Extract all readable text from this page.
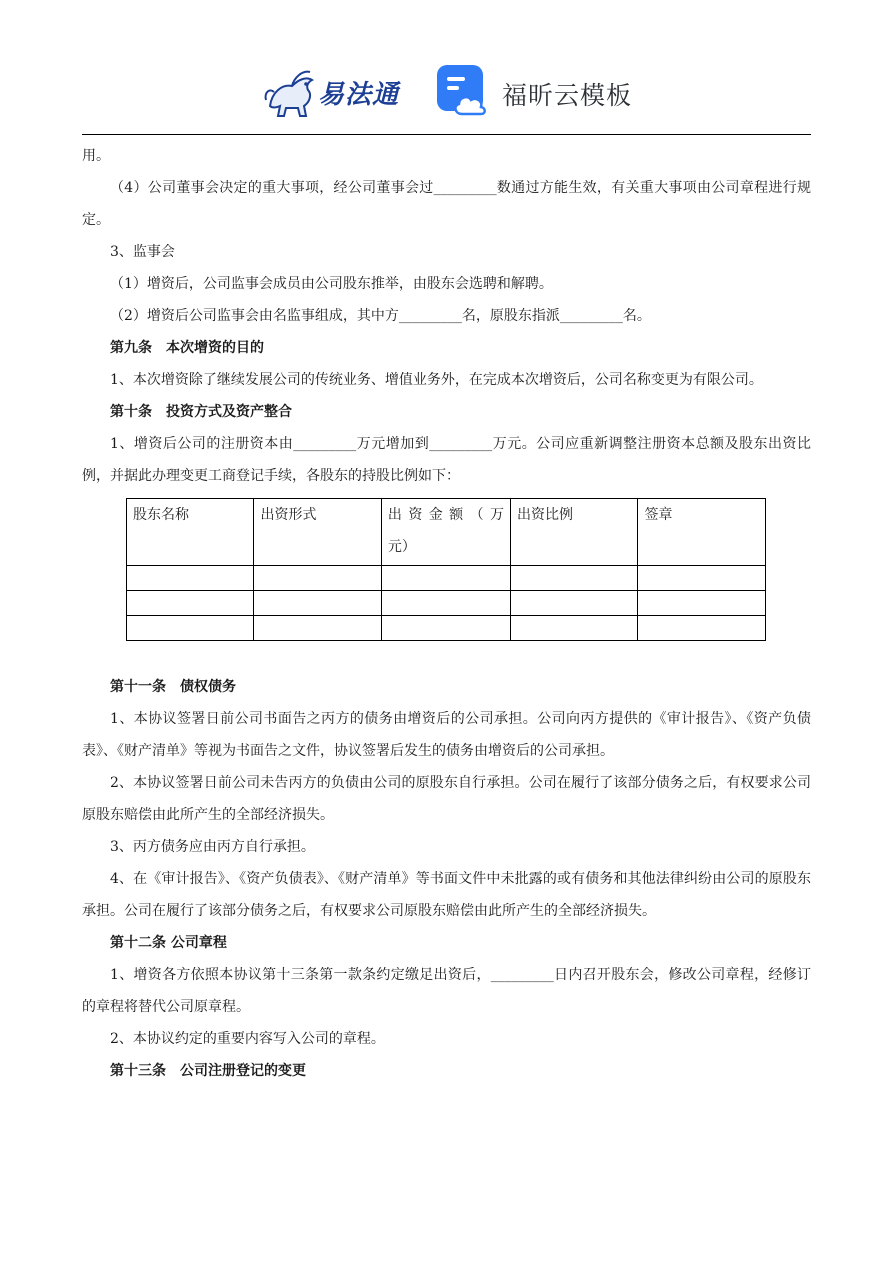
易法通	福昕云模板

用。

（4）公司董事会决定的重大事项，经公司董事会过_________数通过方能生效，有关重大事项由公司章程进行规定。

3、监事会

（1）增资后，公司监事会成员由公司股东推举，由股东会选聘和解聘。

（2）增资后公司监事会由名监事组成，其中方_________名，原股东指派_________名。

第九条　本次增资的目的

1、本次增资除了继续发展公司的传统业务、增值业务外，在完成本次增资后，公司名称变更为有限公司。

第十条　投资方式及资产整合

1、增资后公司的注册资本由_________万元增加到_________万元。公司应重新调整注册资本总额及股东出资比例，并据此办理变更工商登记手续，各股东的持股比例如下：

股东名称	出资形式	出 资 金 额 （ 万 元）	出资比例	签章

第十一条　债权债务

1、本协议签署日前公司书面告之丙方的债务由增资后的公司承担。公司向丙方提供的《审计报告》、《资产负债表》、《财产清单》等视为书面告之文件，协议签署后发生的债务由增资后的公司承担。

2、本协议签署日前公司未告丙方的负债由公司的原股东自行承担。公司在履行了该部分债务之后，有权要求公司原股东赔偿由此所产生的全部经济损失。

3、丙方债务应由丙方自行承担。

4、在《审计报告》、《资产负债表》、《财产清单》等书面文件中未批露的或有债务和其他法律纠纷由公司的原股东承担。公司在履行了该部分债务之后，有权要求公司原股东赔偿由此所产生的全部经济损失。

第十二条 公司章程

1、增资各方依照本协议第十三条第一款条约定缴足出资后，_________日内召开股东会，修改公司章程，经修订的章程将替代公司原章程。

2、本协议约定的重要内容写入公司的章程。

第十三条　公司注册登记的变更
